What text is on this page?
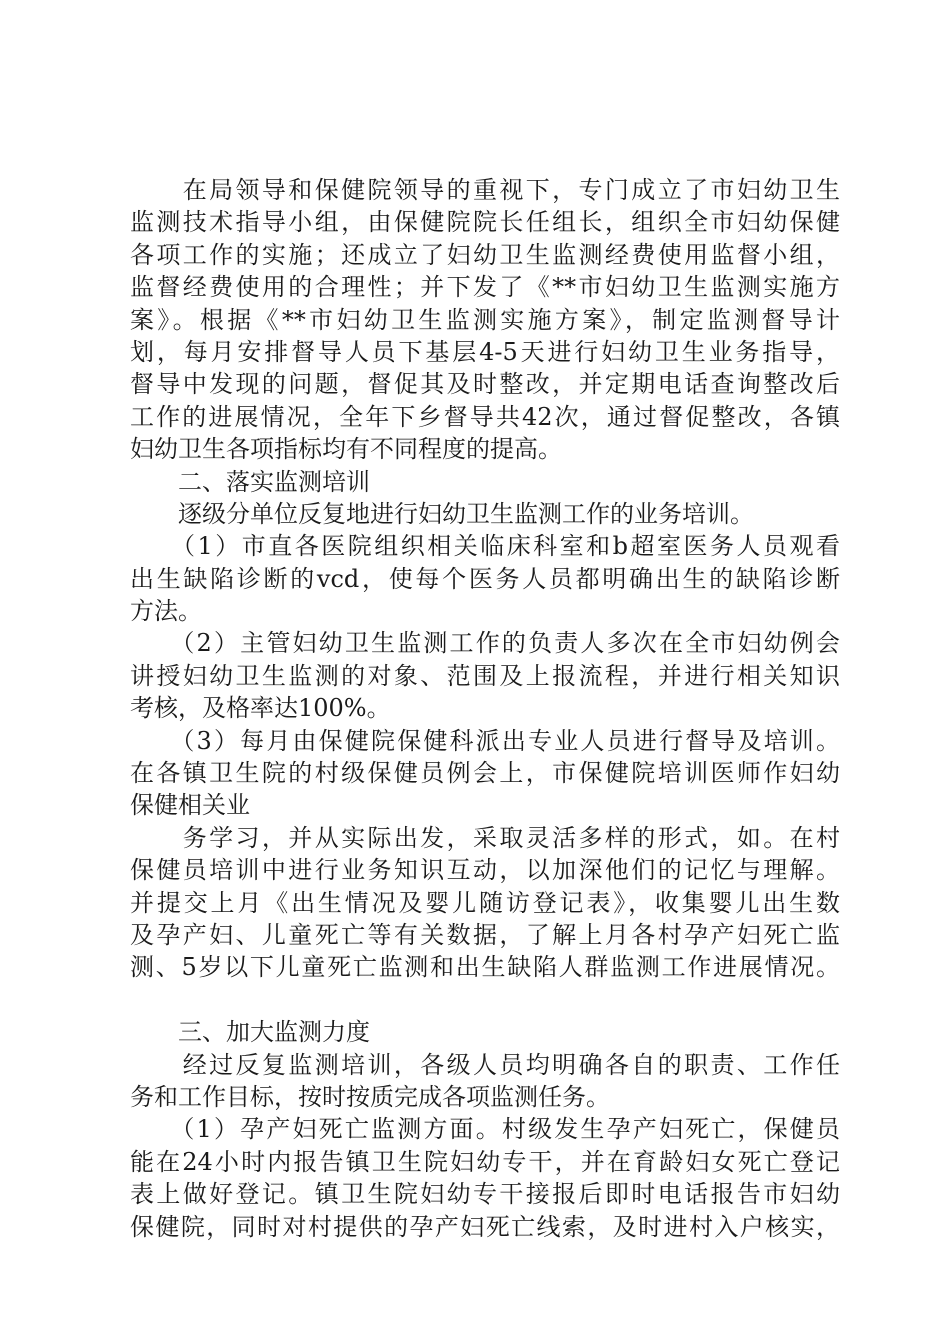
　　在局领导和保健院领导的重视下，专门成立了市妇幼卫生
监测技术指导小组，由保健院院长任组长，组织全市妇幼保健
各项工作的实施；还成立了妇幼卫生监测经费使用监督小组，
监督经费使用的合理性；并下发了《**市妇幼卫生监测实施方
案》。根据《**市妇幼卫生监测实施方案》，制定监测督导计
划，每月安排督导人员下基层4-5天进行妇幼卫生业务指导，
督导中发现的问题，督促其及时整改，并定期电话查询整改后
工作的进展情况，全年下乡督导共42次，通过督促整改，各镇
妇幼卫生各项指标均有不同程度的提高。
　　二、落实监测培训
　　逐级分单位反复地进行妇幼卫生监测工作的业务培训。
　　（1）市直各医院组织相关临床科室和b超室医务人员观看
出生缺陷诊断的vcd，使每个医务人员都明确出生的缺陷诊断
方法。
　　（2）主管妇幼卫生监测工作的负责人多次在全市妇幼例会
讲授妇幼卫生监测的对象、范围及上报流程，并进行相关知识
考核，及格率达100%。
　　（3）每月由保健院保健科派出专业人员进行督导及培训。
在各镇卫生院的村级保健员例会上，市保健院培训医师作妇幼
保健相关业
　　务学习，并从实际出发，采取灵活多样的形式，如。在村
保健员培训中进行业务知识互动，以加深他们的记忆与理解。
并提交上月《出生情况及婴儿随访登记表》，收集婴儿出生数
及孕产妇、儿童死亡等有关数据，了解上月各村孕产妇死亡监
测、5岁以下儿童死亡监测和出生缺陷人群监测工作进展情况。
　　三、加大监测力度
　　经过反复监测培训，各级人员均明确各自的职责、工作任
务和工作目标，按时按质完成各项监测任务。
　　（1）孕产妇死亡监测方面。村级发生孕产妇死亡，保健员
能在24小时内报告镇卫生院妇幼专干，并在育龄妇女死亡登记
表上做好登记。镇卫生院妇幼专干接报后即时电话报告市妇幼
保健院，同时对村提供的孕产妇死亡线索，及时进村入户核实，
